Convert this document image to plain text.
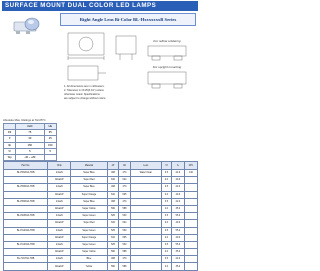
SURFACE MOUNT DUAL COLOR LED LAMPS
Right Angle Lens Bi-Color BL-HxxxxxxxB Series
For reflow soldering
For upright mounting
1. All dimensions are in millimeters.
2. Tolerance is ±0.25(0.01") unless
otherwise noted. Specifications
are subject to change without notice.
Absolute Max. Ratings at Ta=25°C
	UHC	UE
Pd	75	65
If	30	25
Ifp	150	150
Vr	5	5
Top	-40 ~ +80	
Part No.	Chip	Material	λP	λD	Lens	Vf	Iv	2θ½
BL-HB133A-TRB	InGaN	Super Blue	468	470	Water Clear	3.5	22.0	140
	AlGaInP	Super Red	632	624		2.0	40.0	
BL-HB333A-TRB	InGaN	Super Blue	468	470		3.5	22.0	
	AlGaInP	Super Orange	610	605		2.0	40.0	
BL-HB433A-TRB	InGaN	Super Blue	468	470		3.5	22.0	
	AlGaInP	Super Yellow	590	588		2.0	35.0	
BL-HE533A-TRB	InGaN	Super Green	525	530		3.5	55.0	
	AlGaInP	Super Red	632	624		2.0	40.0	
BL-HG233A-TRB	InGaN	Super Green	525	530		3.5	55.0	
	AlGaInP	Super Orange	610	605		2.0	40.0	
BL-HG333A-TRB	InGaN	Super Green	525	530		3.5	55.0	
	AlGaInP	Super Yellow	590	588		2.0	35.0	
BL-HJ173A-TRB	InGaN	Blue	468	470		3.5	22.0	
	AlGaInP	Yellow	590	588		2.0	35.0	
